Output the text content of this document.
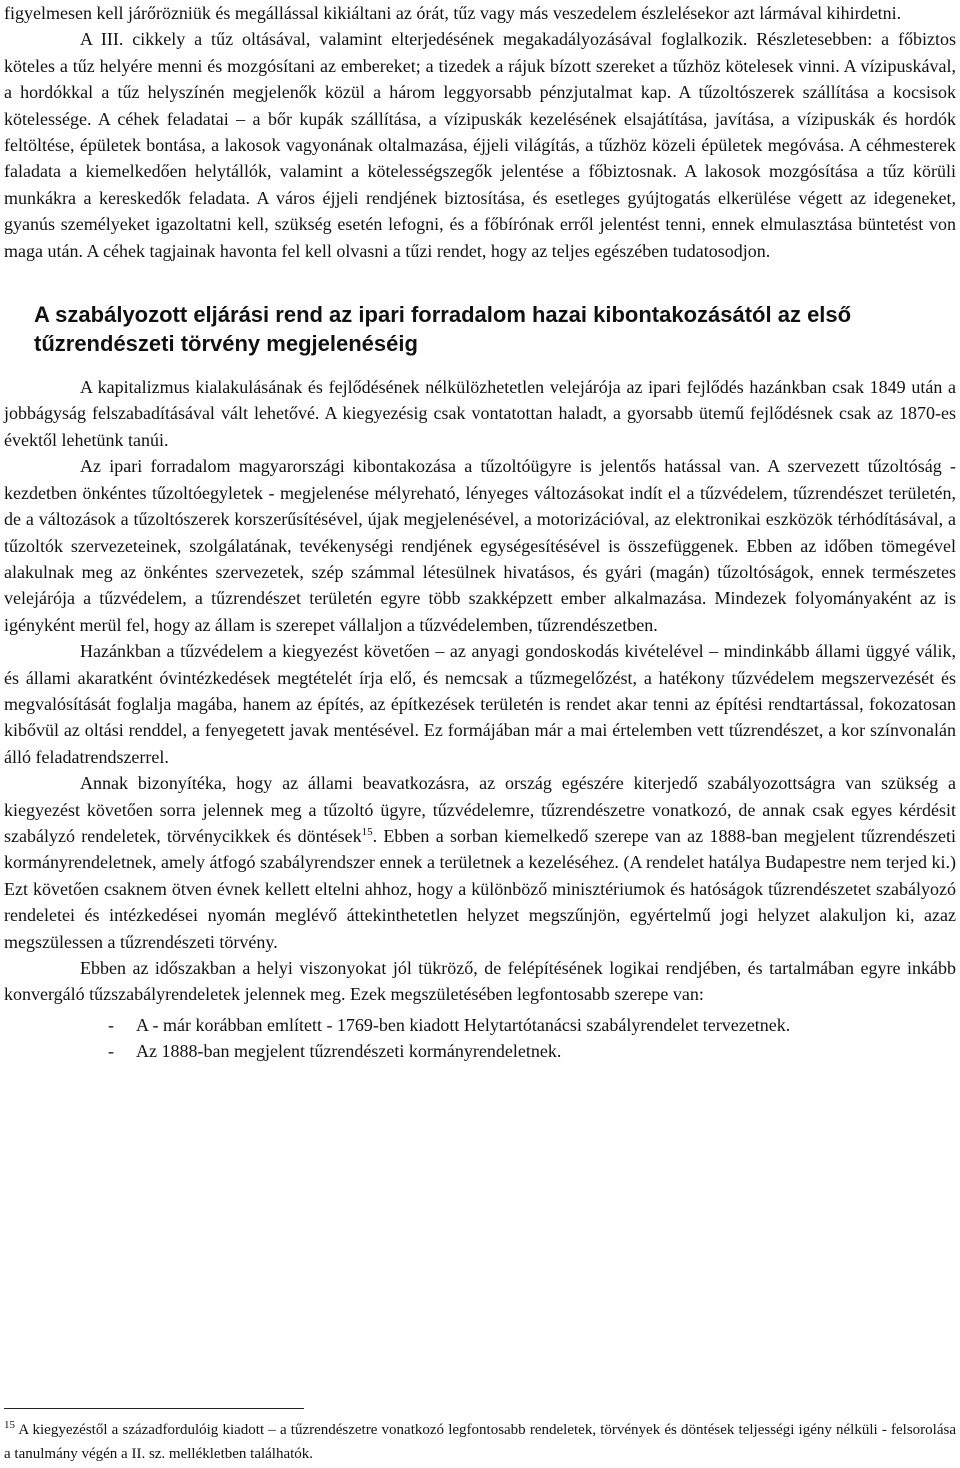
figyelmesen kell járőrözniük és megállással kikiáltani az órát, tűz vagy más veszedelem észlelésekor azt lármával kihirdetni.

A III. cikkely a tűz oltásával, valamint elterjedésének megakadályozásával foglalkozik. Részletesebben: a főbiztos köteles a tűz helyére menni és mozgósítani az embereket; a tizedek a rájuk bízott szereket a tűzhöz kötelesek vinni. A vízipuskával, a hordókkal a tűz helyszínén megjelenők közül a három leggyorsabb pénzjutalmat kap. A tűzoltószerek szállítása a kocsisok kötelessége. A céhek feladatai – a bőr kupák szállítása, a vízipuskák kezelésének elsajátítása, javítása, a vízipuskák és hordók feltöltése, épületek bontása, a lakosok vagyonának oltalmazása, éjjeli világítás, a tűzhöz közeli épületek megóvása. A céhmesterek faladata a kiemelkedően helytállók, valamint a kötelességszegők jelentése a főbiztosnak. A lakosok mozgósítása a tűz körüli munkákra a kereskedők feladata. A város éjjeli rendjének biztosítása, és esetleges gyújtogatás elkerülése végett az idegeneket, gyanús személyeket igazoltatni kell, szükség esetén lefogni, és a főbírónak erről jelentést tenni, ennek elmulasztása büntetést von maga után. A céhek tagjainak havonta fel kell olvasni a tűzi rendet, hogy az teljes egészében tudatosodjon.

A szabályozott eljárási rend az ipari forradalom hazai kibontakozásától az első tűzrendészeti törvény megjelenéséig

A kapitalizmus kialakulásának és fejlődésének nélkülözhetetlen velejárója az ipari fejlődés hazánkban csak 1849 után a jobbágyság felszabadításával vált lehetővé. A kiegyezésig csak vontatottan haladt, a gyorsabb ütemű fejlődésnek csak az 1870-es évektől lehetünk tanúi.

Az ipari forradalom magyarországi kibontakozása a tűzoltóügyre is jelentős hatással van. A szervezett tűzoltóság - kezdetben önkéntes tűzoltóegyletek - megjelenése mélyreható, lényeges változásokat indít el a tűzvédelem, tűzrendészet területén, de a változások a tűzoltószerek korszerűsítésével, újak megjelenésével, a motorizációval, az elektronikai eszközök térhódításával, a tűzoltók szervezeteinek, szolgálatának, tevékenységi rendjének egységesítésével is összefüggenek. Ebben az időben tömegével alakulnak meg az önkéntes szervezetek, szép számmal létesülnek hivatásos, és gyári (magán) tűzoltóságok, ennek természetes velejárója a tűzvédelem, a tűzrendészet területén egyre több szakképzett ember alkalmazása. Mindezek folyományaként az is igényként merül fel, hogy az állam is szerepet vállaljon a tűzvédelemben, tűzrendészetben.

Hazánkban a tűzvédelem a kiegyezést követően – az anyagi gondoskodás kivételével – mindinkább állami üggyé válik, és állami akaratként óvintézkedések megtételét írja elő, és nemcsak a tűzmegelőzést, a hatékony tűzvédelem megszervezését és megvalósítását foglalja magába, hanem az építés, az építkezések területén is rendet akar tenni az építési rendtartással, fokozatosan kibővül az oltási renddel, a fenyegetett javak mentésével. Ez formájában már a mai értelemben vett tűzrendészet, a kor színvonalán álló feladatrendszerrel.

Annak bizonyítéka, hogy az állami beavatkozásra, az ország egészére kiterjedő szabályozottságra van szükség a kiegyezést követően sorra jelennek meg a tűzoltó ügyre, tűzvédelemre, tűzrendészetre vonatkozó, de annak csak egyes kérdésit szabályzó rendeletek, törvénycikkek és döntések$^{15}$. Ebben a sorban kiemelkedő szerepe van az 1888-ban megjelent tűzrendészeti kormányrendeletnek, amely átfogó szabályrendszer ennek a területnek a kezeléséhez. (A rendelet hatálya Budapestre nem terjed ki.) Ezt követően csaknem ötven évnek kellett eltelni ahhoz, hogy a különböző minisztériumok és hatóságok tűzrendészetet szabályozó rendeletei és intézkedései nyomán meglévő áttekinthetetlen helyzet megszűnjön, egyértelmű jogi helyzet alakuljon ki, azaz megszülessen a tűzrendészeti törvény.

Ebben az időszakban a helyi viszonyokat jól tükröző, de felépítésének logikai rendjében, és tartalmában egyre inkább konvergáló tűzszabályrendeletek jelennek meg. Ezek megszületésében legfontosabb szerepe van:

- A - már korábban említett - 1769-ben kiadott Helytartótanácsi szabályrendelet tervezetnek.
- Az 1888-ban megjelent tűzrendészeti kormányrendeletnek.
$^{15}$ A kiegyezéstől a századfordulóig kiadott – a tűzrendészetre vonatkozó legfontosabb rendeletek, törvények és döntések teljességi igény nélküli - felsorolása a tanulmány végén a II. sz. mellékletben találhatók.
